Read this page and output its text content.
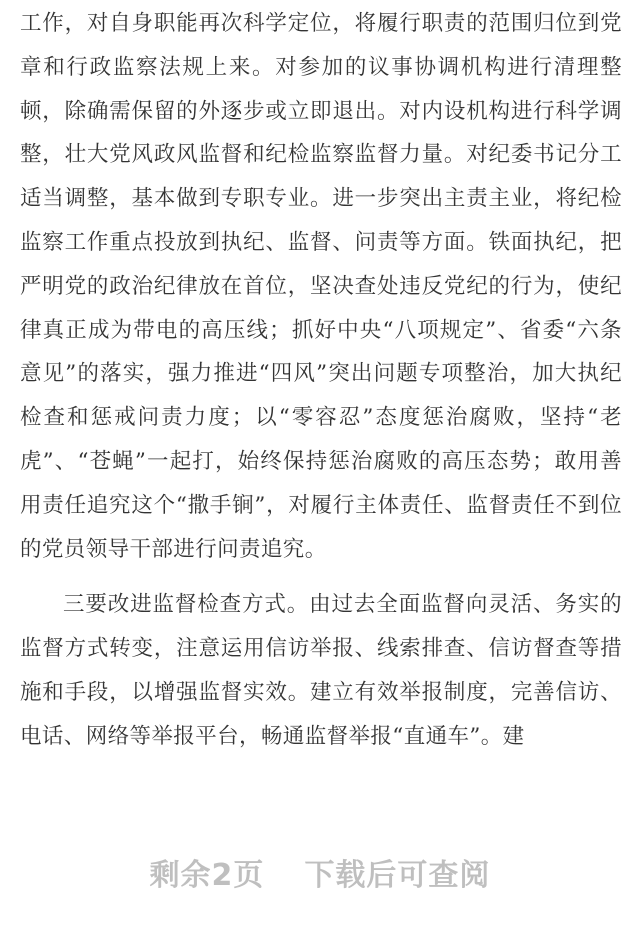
工作，对自身职能再次科学定位，将履行职责的范围归位到党章和行政监察法规上来。对参加的议事协调机构进行清理整顿，除确需保留的外逐步或立即退出。对内设机构进行科学调整，壮大党风政风监督和纪检监察监督力量。对纪委书记分工适当调整，基本做到专职专业。进一步突出主责主业，将纪检监察工作重点投放到执纪、监督、问责等方面。铁面执纪，把严明党的政治纪律放在首位，坚决查处违反党纪的行为，使纪律真正成为带电的高压线；抓好中央“八项规定”、省委“六条意见”的落实，强力推进“四风”突出问题专项整治，加大执纪检查和惩戒问责力度；以“零容忍”态度惩治腐败，坚持“老虎”、“苍蝇”一起打，始终保持惩治腐败的高压态势；敢用善用责任追究这个“撒手锏”，对履行主体责任、监督责任不到位的党员领导干部进行问责追究。

三要改进监督检查方式。由过去全面监督向灵活、务实的监督方式转变，注意运用信访举报、线索排查、信访督查等措施和手段，以增强监督实效。建立有效举报制度，完善信访、电话、网络等举报平台，畅通监督举报“直通车”。建

剩余2页 下载后可查阅
